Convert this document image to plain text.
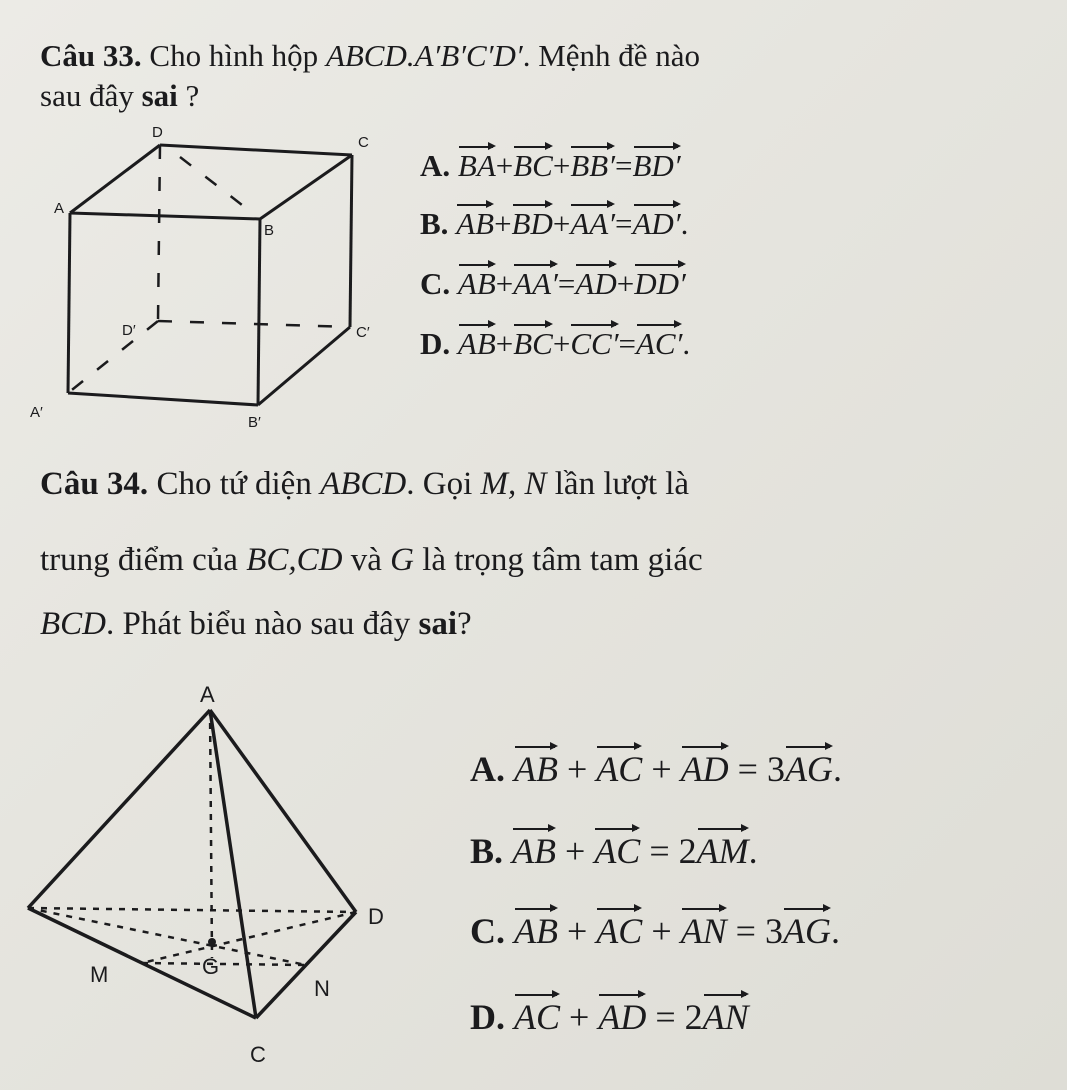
Câu 33. Cho hình hộp ABCD.A′B′C′D′. Mệnh đề nào
sau đây sai ?
D
C
A
B
D′	C′
A′
B′
A. BA+BC+BB′=BD′
B. AB+BD+AA′=AD′.
C. AB+AA′=AD+DD′
D. AB+BC+CC′=AC′.
Câu 34. Cho tứ diện ABCD. Gọi M, N lần lượt là
trung điểm của BC,CD và G là trọng tâm tam giác
BCD. Phát biểu nào sau đây sai?
A
D
M	G
N
C
A. AB + AC + AD = 3AG.
B. AB + AC = 2AM.
C. AB + AC + AN = 3AG.
D. AC + AD = 2AN
